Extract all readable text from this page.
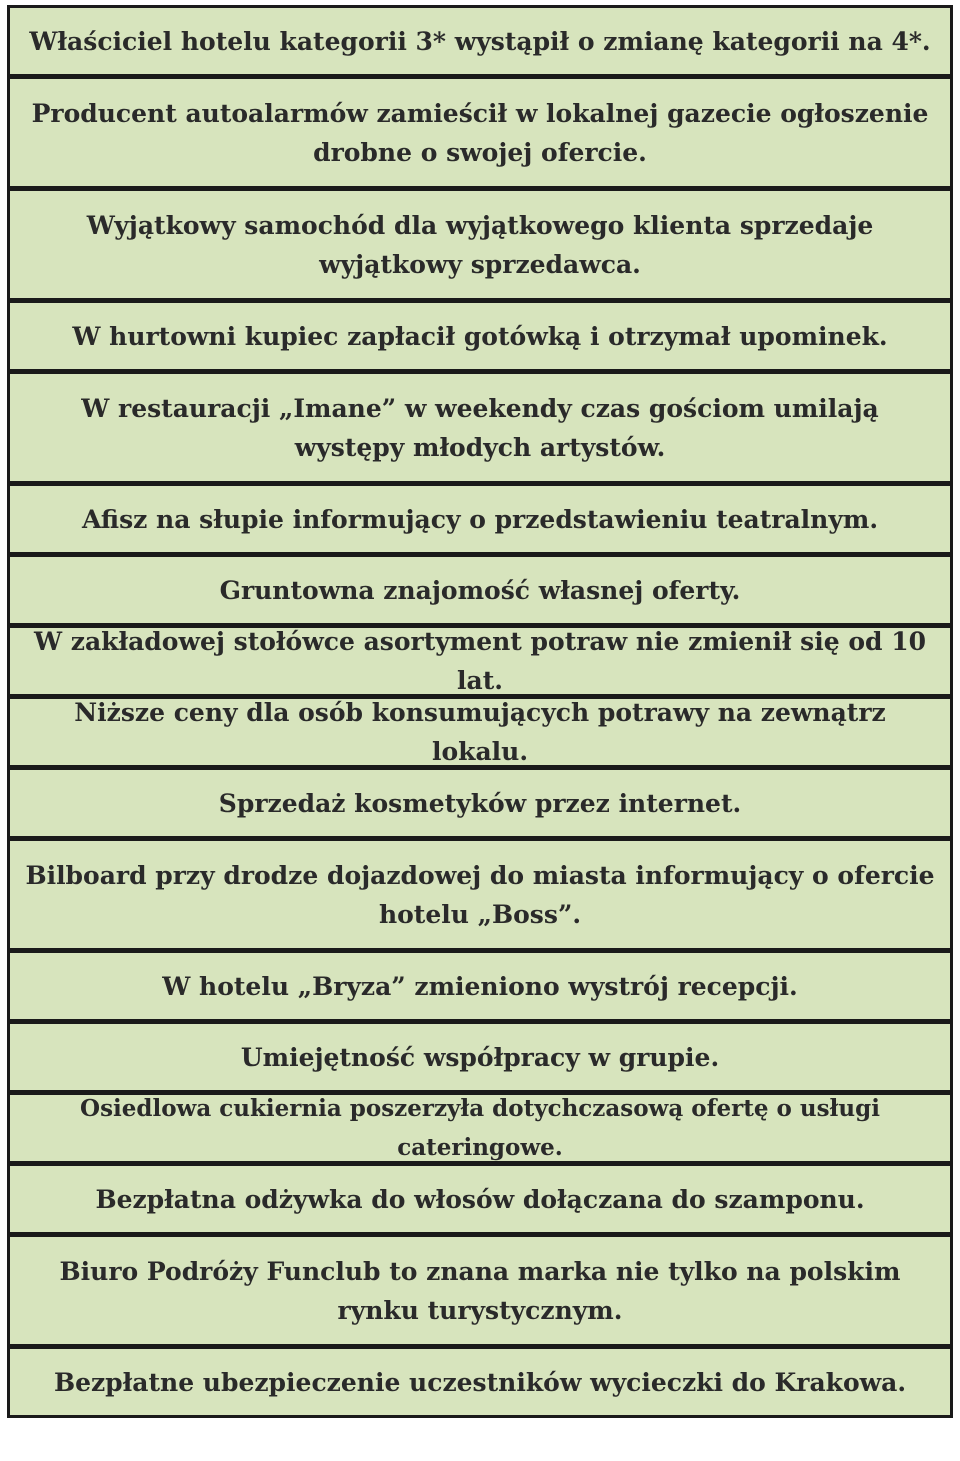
Właściciel hotelu kategorii 3* wystąpił o zmianę kategorii na 4*.
Producent autoalarmów zamieścił w lokalnej gazecie ogłoszenie drobne o swojej ofercie.
Wyjątkowy samochód dla wyjątkowego klienta sprzedaje wyjątkowy sprzedawca.
W hurtowni kupiec zapłacił gotówką i otrzymał upominek.
W restauracji „Imane” w weekendy czas gościom umilają występy młodych artystów.
Afisz na słupie informujący o przedstawieniu teatralnym.
Gruntowna znajomość własnej oferty.
W zakładowej stołówce asortyment potraw nie zmienił się od 10 lat.
Niższe ceny dla osób konsumujących potrawy na zewnątrz lokalu.
Sprzedaż kosmetyków przez internet.
Bilboard przy drodze dojazdowej do miasta informujący o ofercie hotelu „Boss”.
W hotelu „Bryza” zmieniono wystrój recepcji.
Umiejętność współpracy w grupie.
Osiedlowa cukiernia poszerzyła dotychczasową ofertę o usługi cateringowe.
Bezpłatna odżywka do włosów dołączana do szamponu.
Biuro Podróży Funclub to znana marka nie tylko na polskim rynku turystycznym.
Bezpłatne ubezpieczenie uczestników wycieczki do Krakowa.
